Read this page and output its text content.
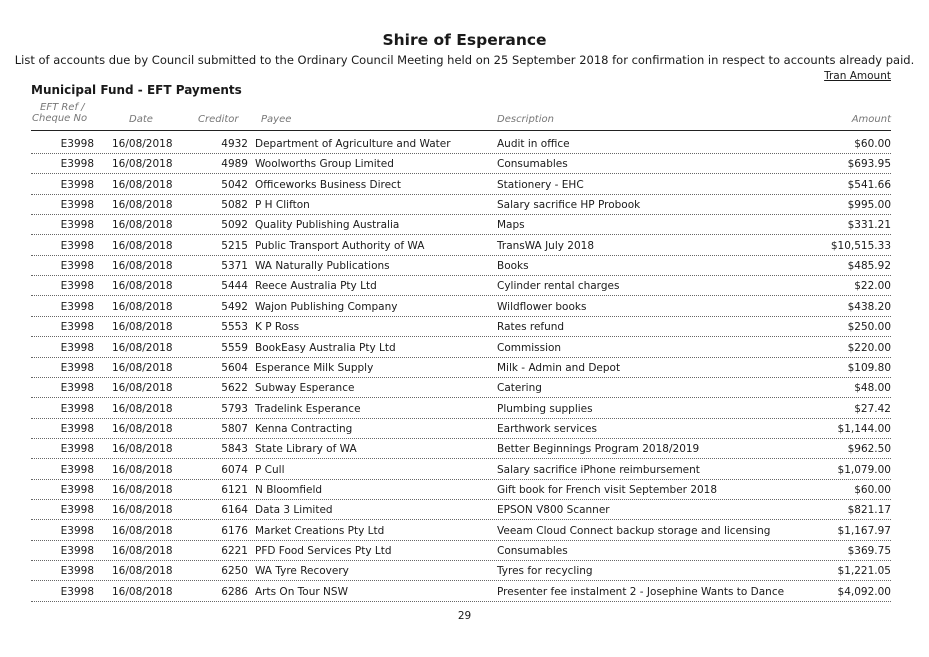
Shire of Esperance
List of accounts due by Council submitted to the Ordinary Council Meeting held on 25 September 2018 for confirmation in respect to accounts already paid.
Tran Amount
Municipal Fund - EFT Payments
EFT Ref /
Cheque No	Date	Creditor Payee	Description	Amount
E3998 16/08/2018	4932 Department of Agriculture and Water	Audit in office	$60.00
E3998 16/08/2018	4989 Woolworths Group Limited	Consumables	$693.95
E3998 16/08/2018	5042 Officeworks Business Direct	Stationery - EHC	$541.66
E3998 16/08/2018	5082 P H Clifton	Salary sacrifice HP Probook	$995.00
E3998 16/08/2018	5092 Quality Publishing Australia	Maps	$331.21
E3998 16/08/2018	5215 Public Transport Authority of WA	TransWA July 2018	$10,515.33
E3998 16/08/2018	5371 WA Naturally Publications	Books	$485.92
E3998 16/08/2018	5444 Reece Australia Pty Ltd	Cylinder rental charges	$22.00
E3998 16/08/2018	5492 Wajon Publishing Company	Wildflower books	$438.20
E3998 16/08/2018	5553 K P Ross	Rates refund	$250.00
E3998 16/08/2018	5559 BookEasy Australia Pty Ltd	Commission	$220.00
E3998 16/08/2018	5604 Esperance Milk Supply	Milk - Admin and Depot	$109.80
E3998 16/08/2018	5622 Subway Esperance	Catering	$48.00
E3998 16/08/2018	5793 Tradelink Esperance	Plumbing supplies	$27.42
E3998 16/08/2018	5807 Kenna Contracting	Earthwork services	$1,144.00
E3998 16/08/2018	5843 State Library of WA	Better Beginnings Program 2018/2019	$962.50
E3998 16/08/2018	6074 P Cull	Salary sacrifice iPhone reimbursement	$1,079.00
E3998 16/08/2018	6121 N Bloomfield	Gift book for French visit September 2018	$60.00
E3998 16/08/2018	6164 Data 3 Limited	EPSON V800 Scanner	$821.17
E3998 16/08/2018	6176 Market Creations Pty Ltd	Veeam Cloud Connect backup storage and licensing	$1,167.97
E3998 16/08/2018	6221 PFD Food Services Pty Ltd	Consumables	$369.75
E3998 16/08/2018	6250 WA Tyre Recovery	Tyres for recycling	$1,221.05
E3998 16/08/2018	6286 Arts On Tour NSW	Presenter fee instalment 2 - Josephine Wants to Dance	$4,092.00
29
